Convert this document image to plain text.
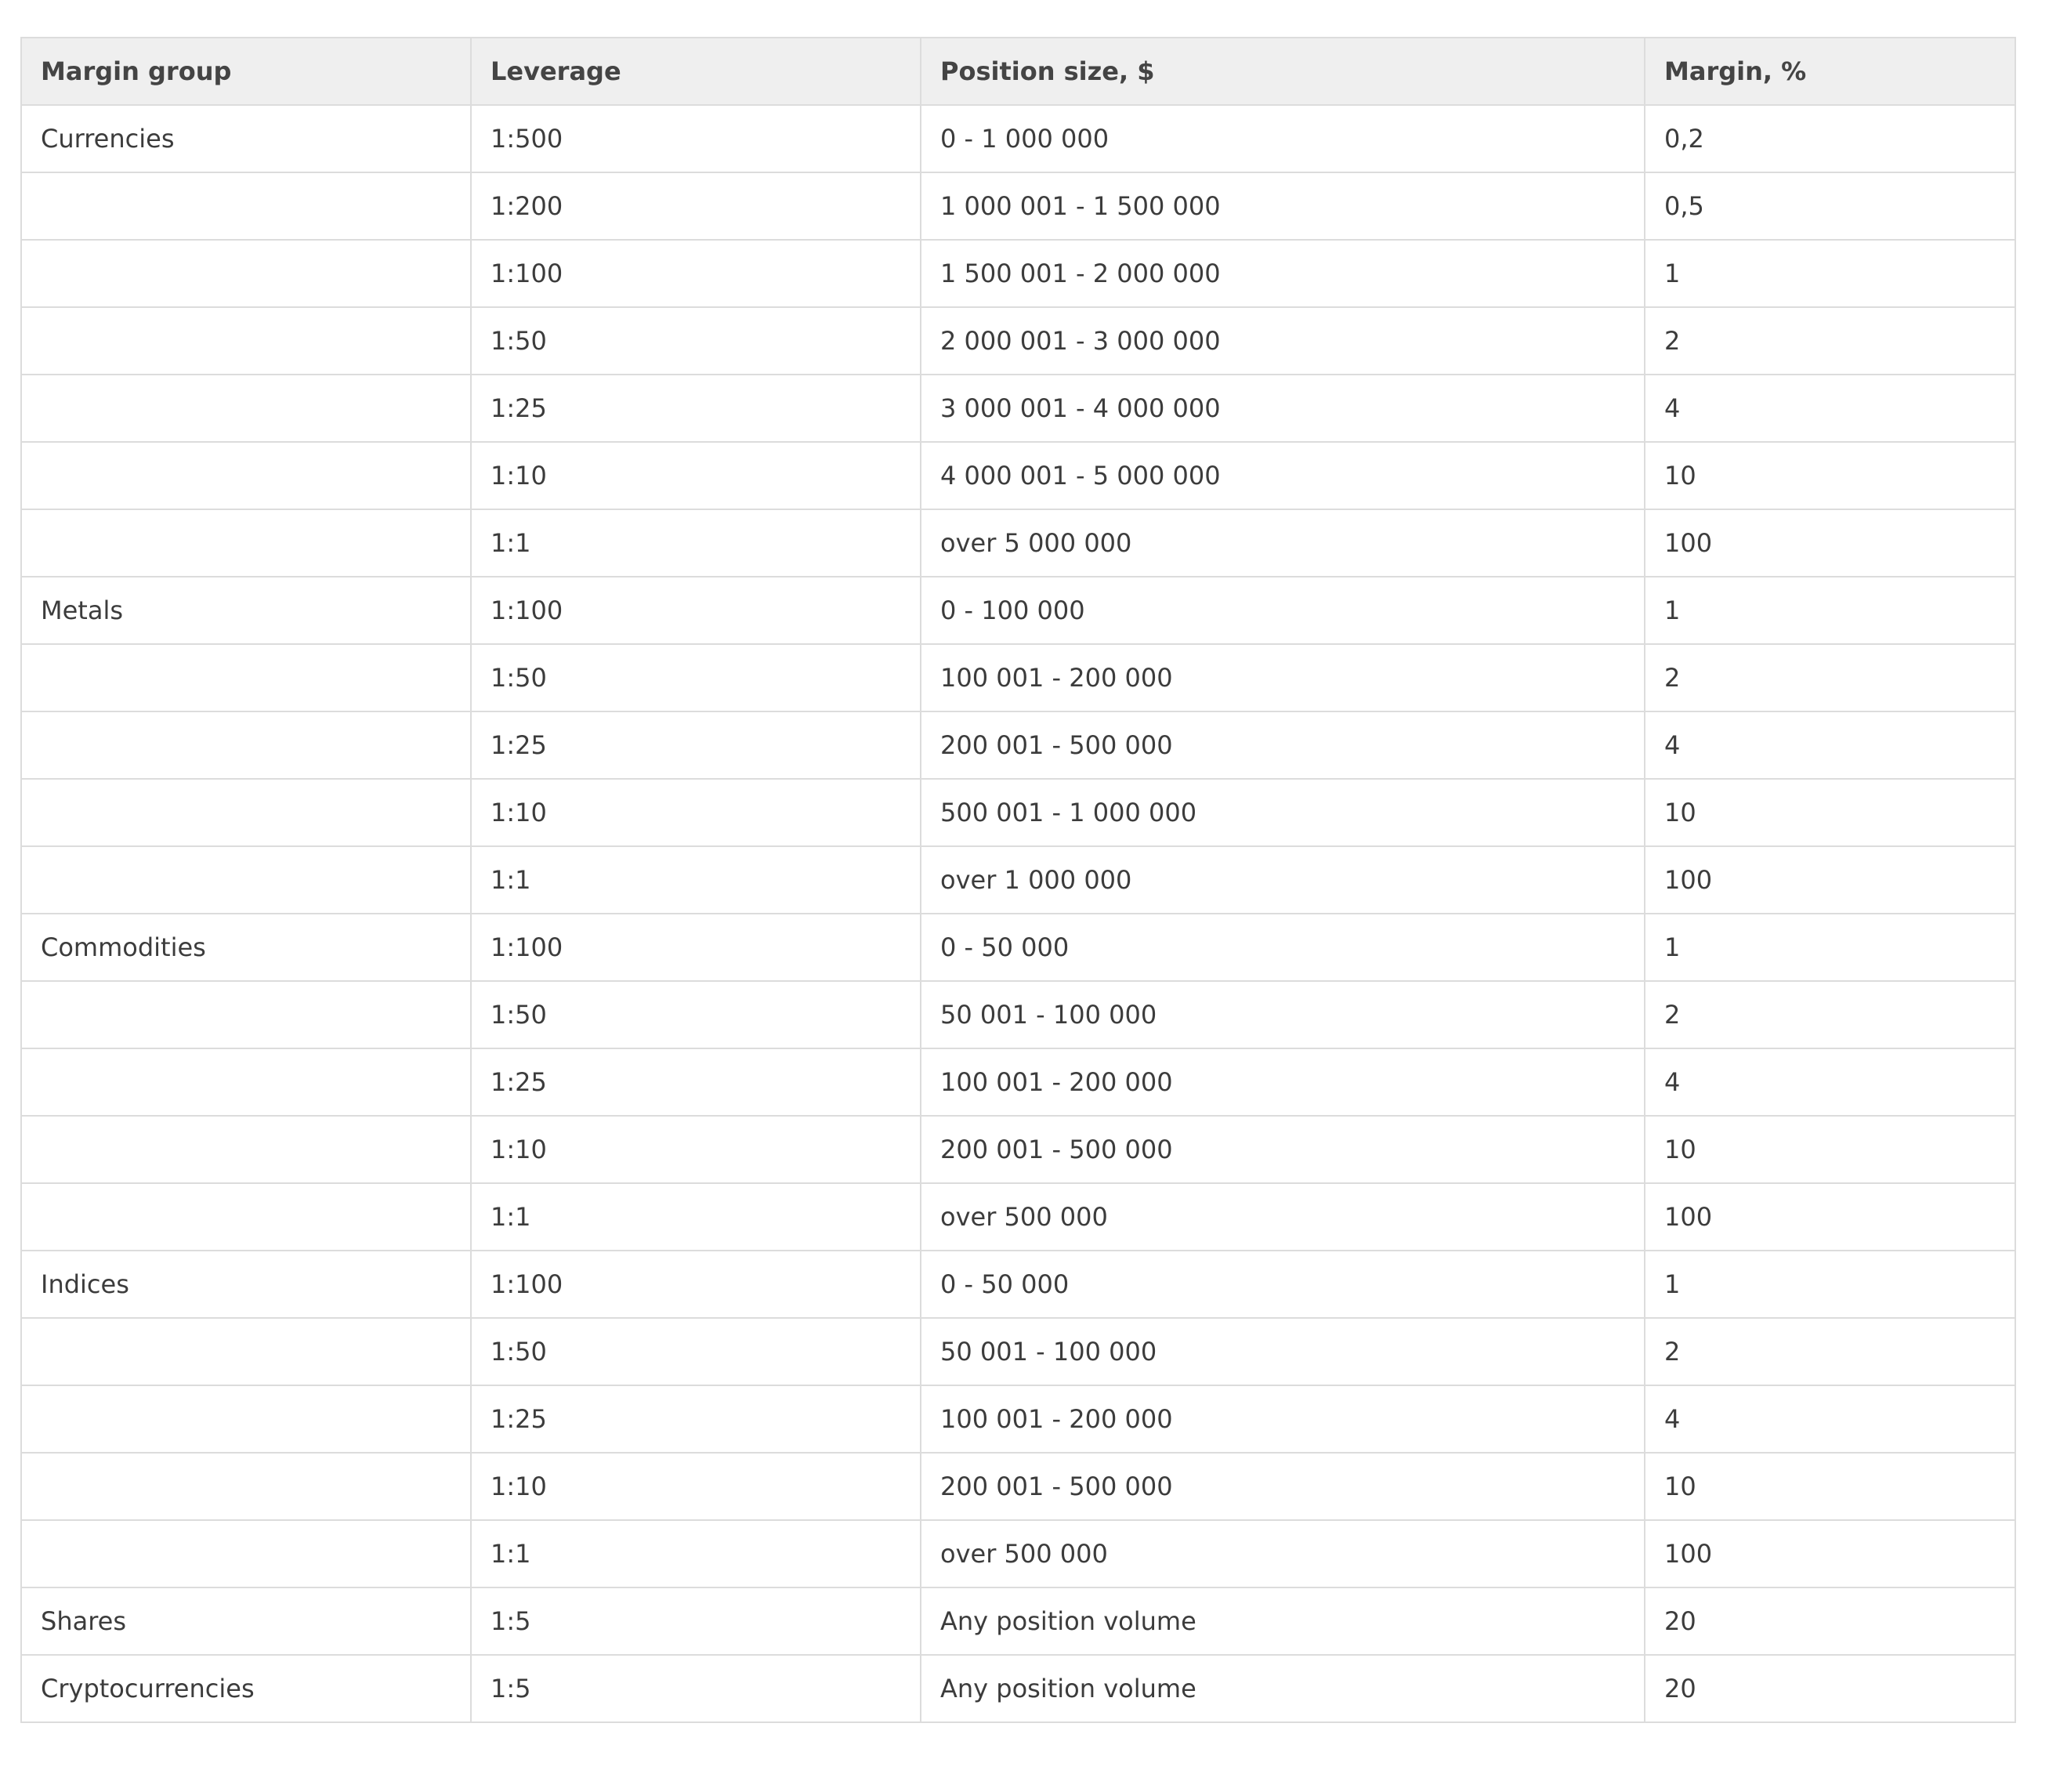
Margin group	Leverage	Position size, $	Margin, %
Currencies	1:500	0 - 1 000 000	0,2
	1:200	1 000 001 - 1 500 000	0,5
	1:100	1 500 001 - 2 000 000	1
	1:50	2 000 001 - 3 000 000	2
	1:25	3 000 001 - 4 000 000	4
	1:10	4 000 001 - 5 000 000	10
	1:1	over 5 000 000	100
Metals	1:100	0 - 100 000	1
	1:50	100 001 - 200 000	2
	1:25	200 001 - 500 000	4
	1:10	500 001 - 1 000 000	10
	1:1	over 1 000 000	100
Commodities	1:100	0 - 50 000	1
	1:50	50 001 - 100 000	2
	1:25	100 001 - 200 000	4
	1:10	200 001 - 500 000	10
	1:1	over 500 000	100
Indices	1:100	0 - 50 000	1
	1:50	50 001 - 100 000	2
	1:25	100 001 - 200 000	4
	1:10	200 001 - 500 000	10
	1:1	over 500 000	100
Shares	1:5	Any position volume	20
Cryptocurrencies	1:5	Any position volume	20
